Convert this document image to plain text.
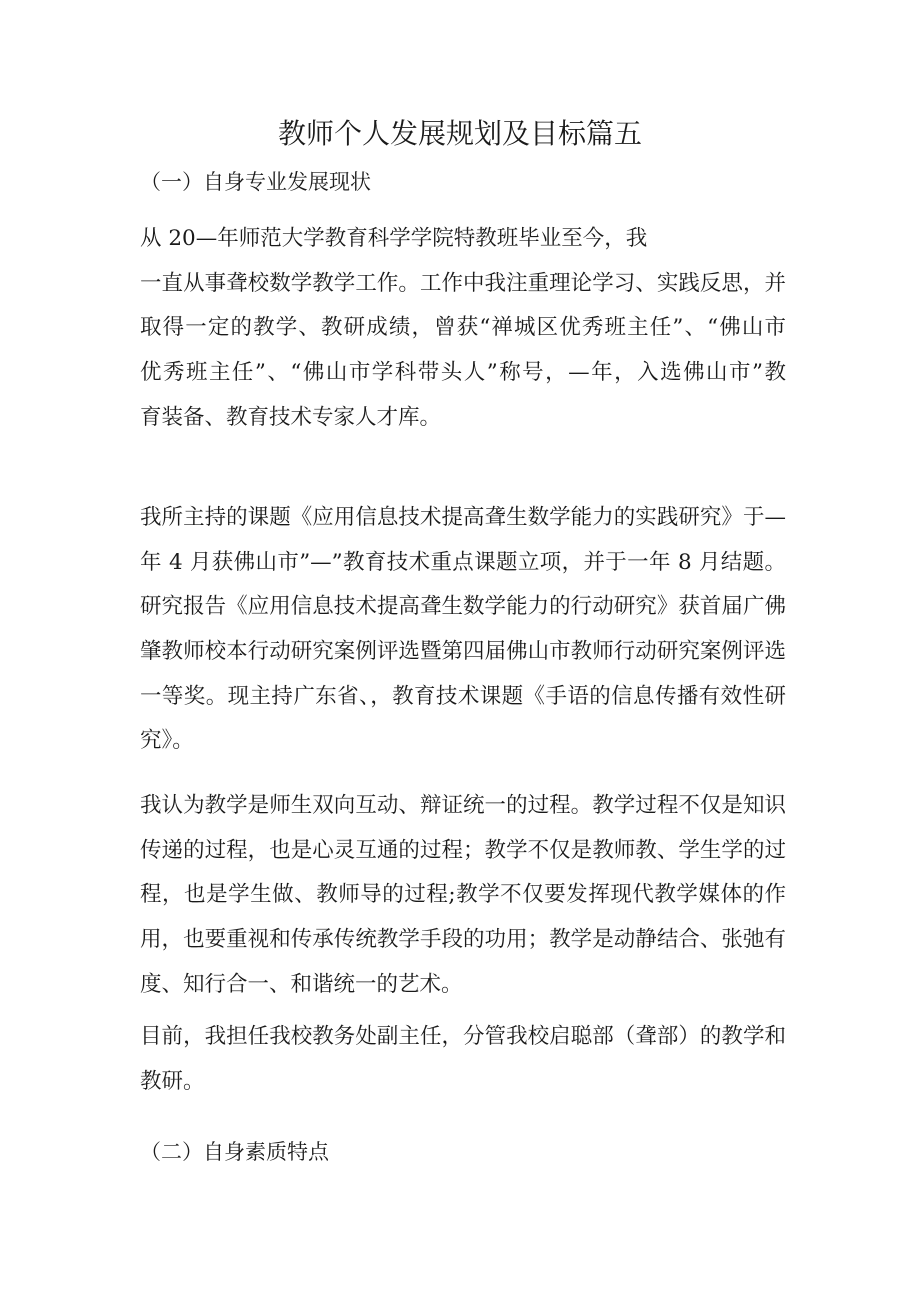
教师个人发展规划及目标篇五
（一）自身专业发展现状
从 20—年师范大学教育科学学院特教班毕业至今，我
一直从事聋校数学教学工作。工作中我注重理论学习、实践反思，并
取得一定的教学、教研成绩，曾获“禅城区优秀班主任”、“佛山市
优秀班主任”、“佛山市学科带头人”称号，—年，入选佛山市”教
育装备、教育技术专家人才库。
我所主持的课题《应用信息技术提高聋生数学能力的实践研究》于—
年 4 月获佛山市”—”教育技术重点课题立项，并于一年 8 月结题。
研究报告《应用信息技术提高聋生数学能力的行动研究》获首届广佛
肇教师校本行动研究案例评选暨第四届佛山市教师行动研究案例评选
一等奖。现主持广东省、，教育技术课题《手语的信息传播有效性研
究》。
我认为教学是师生双向互动、辩证统一的过程。教学过程不仅是知识
传递的过程，也是心灵互通的过程；教学不仅是教师教、学生学的过
程，也是学生做、教师导的过程;教学不仅要发挥现代教学媒体的作
用，也要重视和传承传统教学手段的功用；教学是动静结合、张弛有
度、知行合一、和谐统一的艺术。
目前，我担任我校教务处副主任，分管我校启聪部（聋部）的教学和
教研。
（二）自身素质特点
